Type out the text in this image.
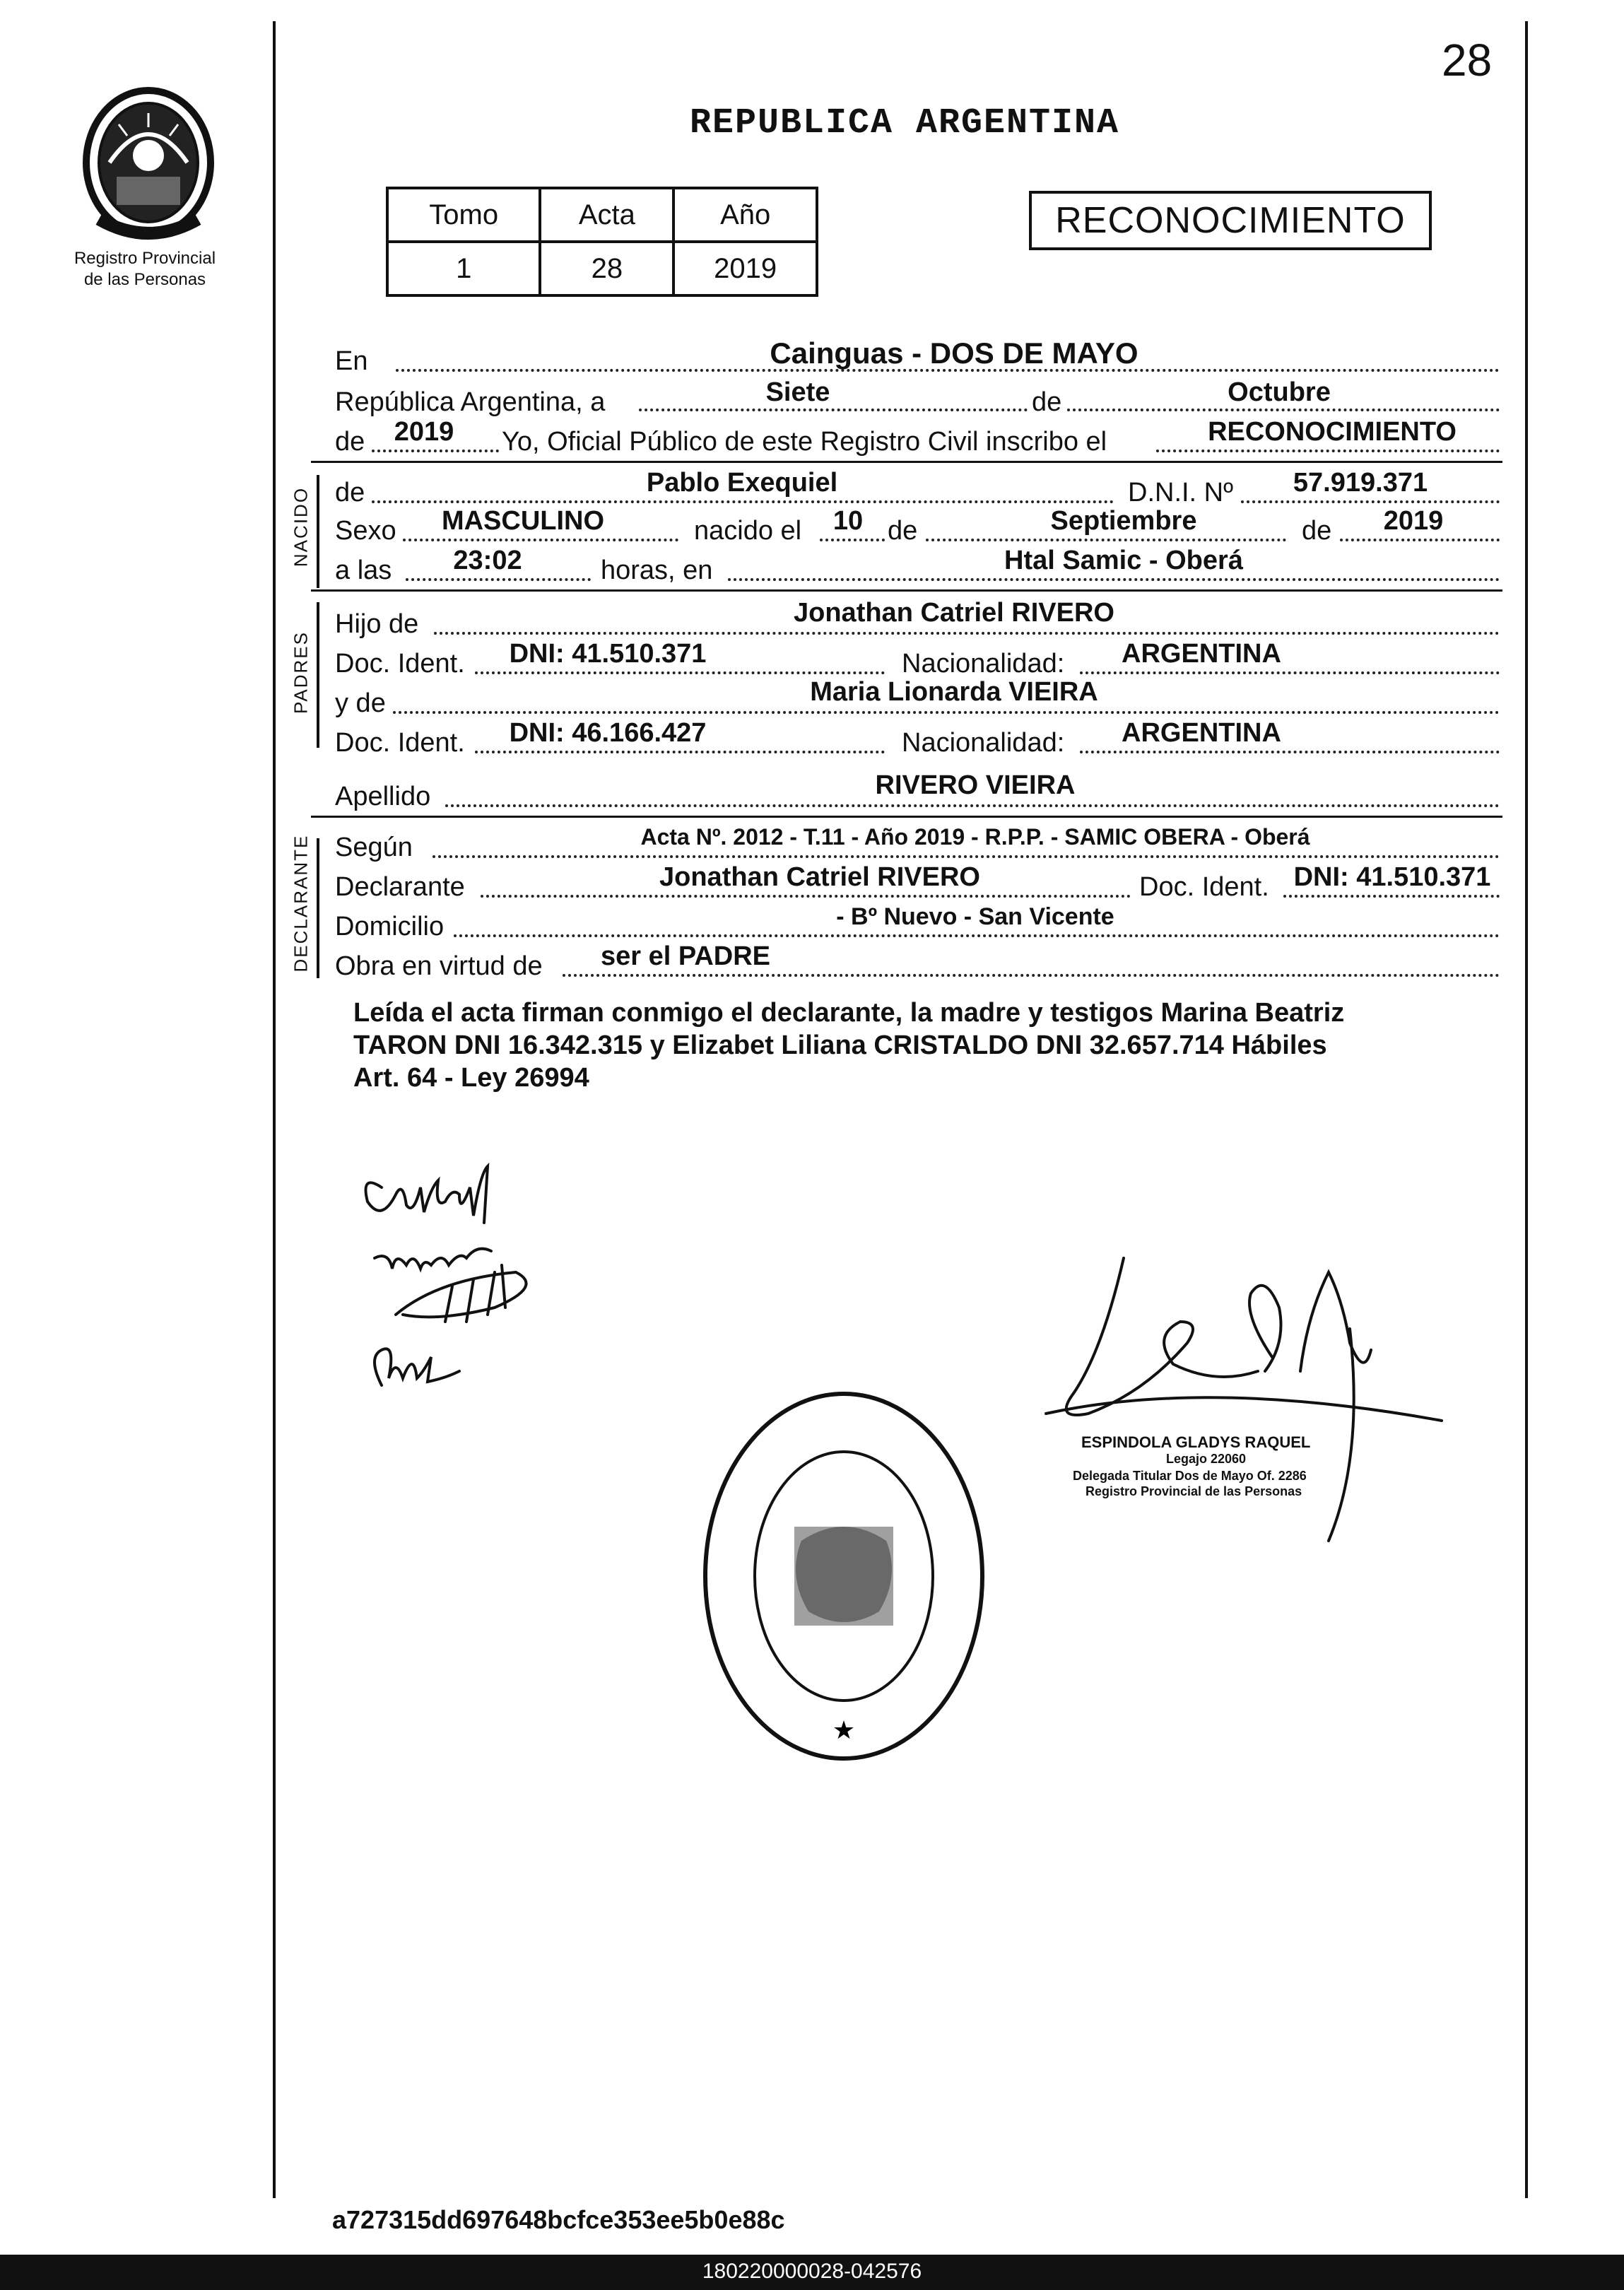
28
Registro Provincial
de las Personas
REPUBLICA ARGENTINA
Tomo	Acta	Año
1	28	2019
RECONOCIMIENTO
En	Cainguas - DOS DE MAYO
República Argentina, a	Siete	de	Octubre
de	2019	Yo, Oficial Público de este Registro Civil inscribo el	RECONOCIMIENTO
NACIDO de	Pablo Exequiel	D.N.I. Nº	57.919.371
Sexo	MASCULINO	nacido el	10 de	Septiembre	de	2019
a las	23:02	horas, en	Htal Samic - Oberá
PADRES
Hijo de	Jonathan Catriel RIVERO
Doc. Ident.	DNI: 41.510.371	Nacionalidad:	ARGENTINA
y de	Maria Lionarda VIEIRA
Doc. Ident.	DNI: 46.166.427	Nacionalidad:	ARGENTINA
Apellido	RIVERO VIEIRA
DECLARANTE Según	Acta Nº. 2012 - T.11 - Año 2019 - R.P.P. - SAMIC OBERA - Oberá
Declarante	Jonathan Catriel RIVERO	Doc. Ident. DNI: 41.510.371
Domicilio	- Bº Nuevo - San Vicente
Obra en virtud de	ser el PADRE
Leída el acta firman conmigo el declarante, la madre y testigos Marina Beatriz
TARON DNI 16.342.315 y Elizabet Liliana CRISTALDO DNI 32.657.714 Hábiles
Art. 64 - Ley 26994
ESPINDOLA GLADYS RAQUEL
Legajo 22060
Delegada Titular Dos de Mayo Of. 2286
Registro Provincial de las Personas
★
a727315dd697648bcfce353ee5b0e88c
180220000028-042576
